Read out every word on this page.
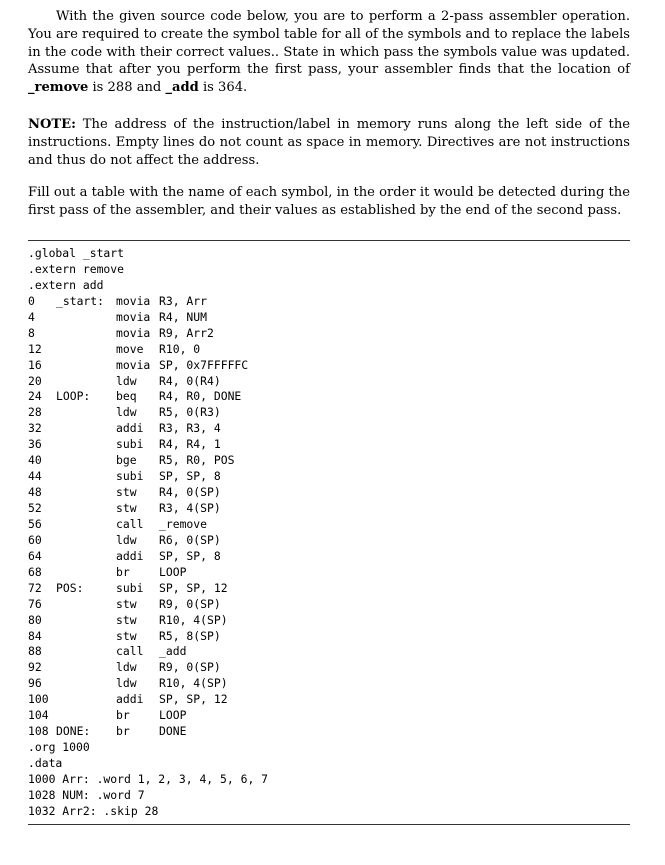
With the given source code below, you are to perform a 2-pass assembler operation. You are required to create the symbol table for all of the symbols and to replace the labels in the code with their correct values.. State in which pass the symbols value was updated. Assume that after you perform the first pass, your assembler finds that the location of _remove is 288 and _add is 364.
NOTE: The address of the instruction/label in memory runs along the left side of the instructions. Empty lines do not count as space in memory. Directives are not instructions and thus do not affect the address.
Fill out a table with the name of each symbol, in the order it would be detected during the first pass of the assembler, and their values as established by the end of the second pass.
.global _start
.extern remove
.extern add
0 _start: movia R3, Arr
4	movia R4, NUM
8	movia R9, Arr2
12	move R10, 0
16	movia SP, 0x7FFFFFC
20	ldw R4, 0(R4)
24 LOOP: beq R4, R0, DONE
28	ldw R5, 0(R3)
32	addi R3, R3, 4
36	subi R4, R4, 1
40	bge R5, R0, POS
44	subi SP, SP, 8
48	stw R4, 0(SP)
52	stw R3, 4(SP)
56	call _remove
60	ldw R6, 0(SP)
64	addi SP, SP, 8
68	br	LOOP
72 POS:	subi SP, SP, 12
76	stw R9, 0(SP)
80	stw R10, 4(SP)
84	stw R5, 8(SP)
88	call _add
92	ldw R9, 0(SP)
96	ldw R10, 4(SP)
100	addi SP, SP, 12
104	br	LOOP
108 DONE: br	DONE
.org 1000
.data
1000 Arr: .word 1, 2, 3, 4, 5, 6, 7
1028 NUM: .word 7
1032 Arr2: .skip 28
